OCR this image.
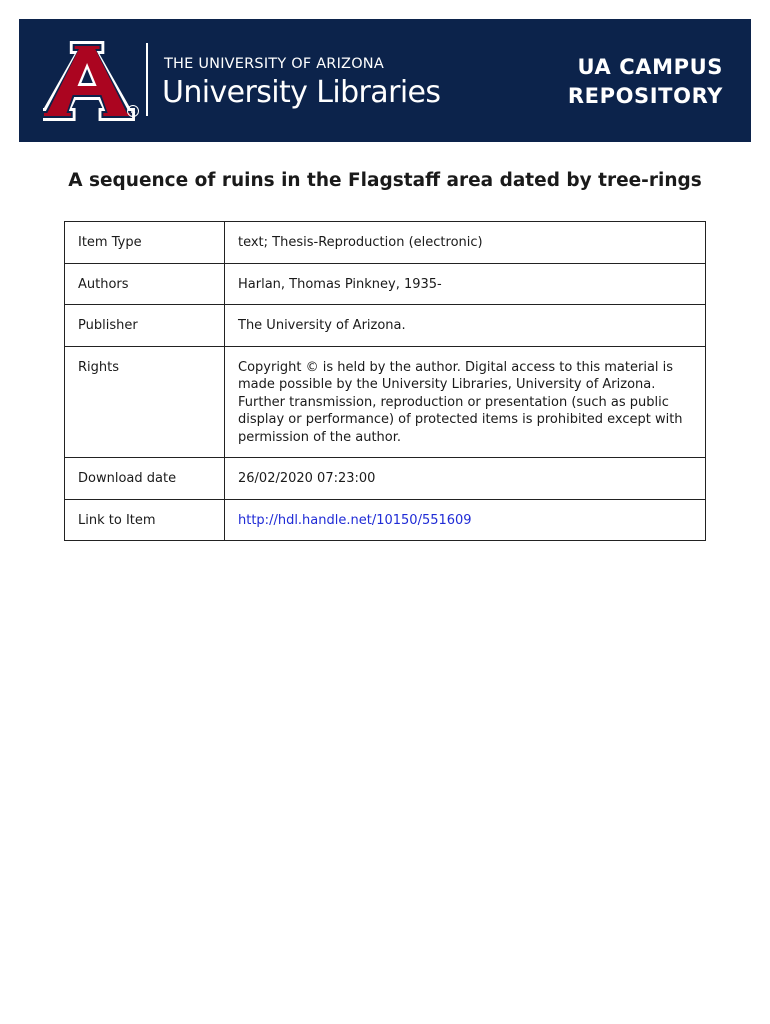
R
THE UNIVERSITY OF ARIZONA
University Libraries
UA CAMPUS
REPOSITORY
A sequence of ruins in the Flagstaff area dated by tree-rings
Item Type	text; Thesis-Reproduction (electronic)
Authors	Harlan, Thomas Pinkney, 1935-
Publisher	The University of Arizona.
Rights	Copyright © is held by the author. Digital access to this material is made possible by the University Libraries, University of Arizona. Further transmission, reproduction or presentation (such as public display or performance) of protected items is prohibited except with permission of the author.
Download date	26/02/2020 07:23:00
Link to Item	http://hdl.handle.net/10150/551609
